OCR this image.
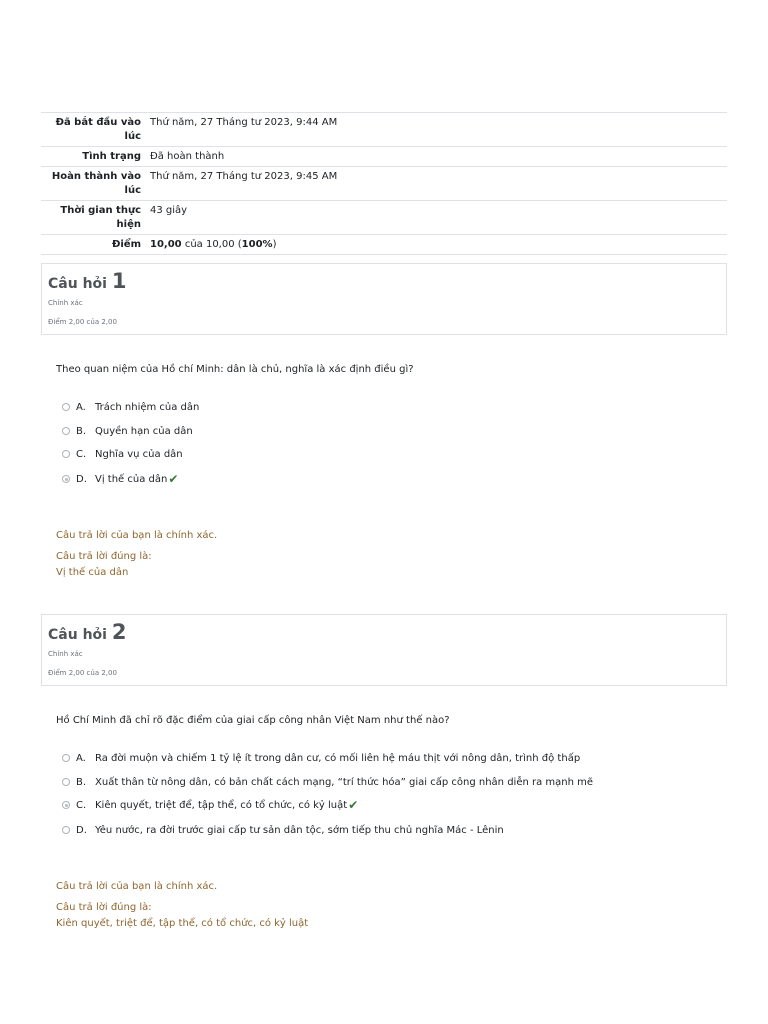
Đã bắt đầu vào lúc	Thứ năm, 27 Tháng tư 2023, 9:44 AM
Tình trạng	Đã hoàn thành
Hoàn thành vào lúc	Thứ năm, 27 Tháng tư 2023, 9:45 AM
Thời gian thực hiện	43 giây
Điểm	10,00 của 10,00 (100%)
Câu hỏi 1
Chính xác
Điểm 2,00 của 2,00
Theo quan niệm của Hồ chí Minh: dân là chủ, nghĩa là xác định điều gì?
A. Trách nhiệm của dân
B. Quyền hạn của dân
C. Nghĩa vụ của dân
D. Vị thế của dân ✔
Câu trả lời của bạn là chính xác.
Câu trả lời đúng là:
Vị thế của dân
Câu hỏi 2
Chính xác
Điểm 2,00 của 2,00
Hồ Chí Minh đã chỉ rõ đặc điểm của giai cấp công nhân Việt Nam như thế nào?
A. Ra đời muộn và chiếm 1 tỷ lệ ít trong dân cư, có mối liên hệ máu thịt với nông dân, trình độ thấp
B. Xuất thân từ nông dân, có bản chất cách mạng, “trí thức hóa” giai cấp công nhân diễn ra mạnh mẽ
C. Kiên quyết, triệt để, tập thể, có tổ chức, có kỷ luật ✔
D. Yêu nước, ra đời trước giai cấp tư sản dân tộc, sớm tiếp thu chủ nghĩa Mác - Lênin
Câu trả lời của bạn là chính xác.
Câu trả lời đúng là:
Kiên quyết, triệt để, tập thể, có tổ chức, có kỷ luật
